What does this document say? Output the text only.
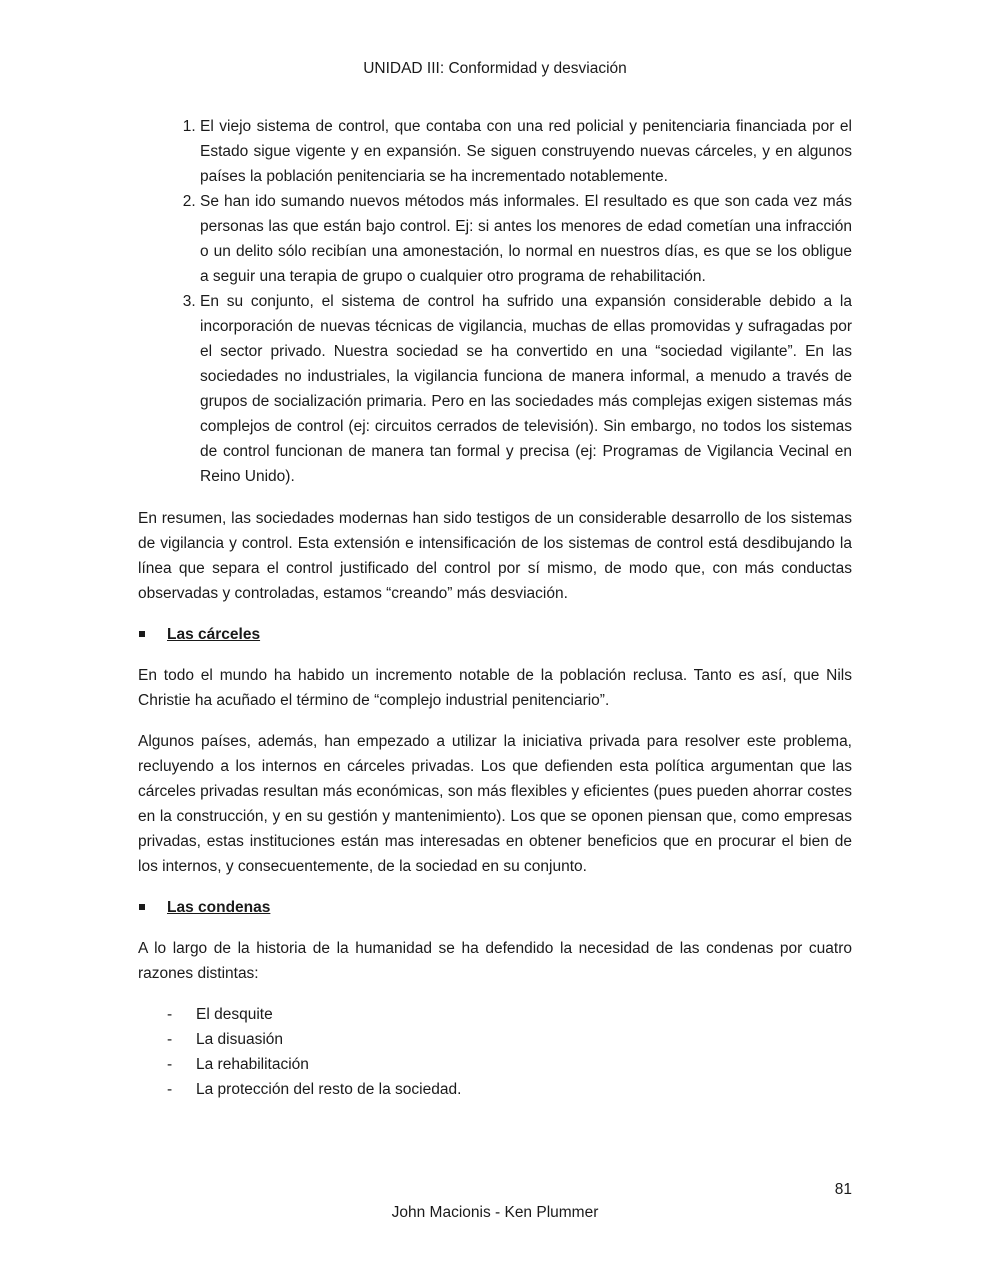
UNIDAD III: Conformidad y desviación
1. El viejo sistema de control, que contaba con una red policial y penitenciaria financiada por el Estado sigue vigente y en expansión. Se siguen construyendo nuevas cárceles, y en algunos países la población penitenciaria se ha incrementado notablemente.
2. Se han ido sumando nuevos métodos más informales. El resultado es que son cada vez más personas las que están bajo control. Ej: si antes los menores de edad cometían una infracción o un delito sólo recibían una amonestación, lo normal en nuestros días, es que se los obligue a seguir una terapia de grupo o cualquier otro programa de rehabilitación.
3. En su conjunto, el sistema de control ha sufrido una expansión considerable debido a la incorporación de nuevas técnicas de vigilancia, muchas de ellas promovidas y sufragadas por el sector privado. Nuestra sociedad se ha convertido en una “sociedad vigilante”. En las sociedades no industriales, la vigilancia funciona de manera informal, a menudo a través de grupos de socialización primaria. Pero en las sociedades más complejas exigen sistemas más complejos de control (ej: circuitos cerrados de televisión). Sin embargo, no todos los sistemas de control funcionan de manera tan formal y precisa (ej: Programas de Vigilancia Vecinal en Reino Unido).

En resumen, las sociedades modernas han sido testigos de un considerable desarrollo de los sistemas de vigilancia y control. Esta extensión e intensificación de los sistemas de control está desdibujando la línea que separa el control justificado del control por sí mismo, de modo que, con más conductas observadas y controladas, estamos “creando” más desviación.

Las cárceles

En todo el mundo ha habido un incremento notable de la población reclusa. Tanto es así, que Nils Christie ha acuñado el término de “complejo industrial penitenciario”.

Algunos países, además, han empezado a utilizar la iniciativa privada para resolver este problema, recluyendo a los internos en cárceles privadas. Los que defienden esta política argumentan que las cárceles privadas resultan más económicas, son más flexibles y eficientes (pues pueden ahorrar costes en la construcción, y en su gestión y mantenimiento). Los que se oponen piensan que, como empresas privadas, estas instituciones están mas interesadas en obtener beneficios que en procurar el bien de los internos, y consecuentemente, de la sociedad en su conjunto.

Las condenas

A lo largo de la historia de la humanidad se ha defendido la necesidad de las condenas por cuatro razones distintas:

- El desquite
- La disuasión
- La rehabilitación
- La protección del resto de la sociedad.
81
John Macionis - Ken Plummer
